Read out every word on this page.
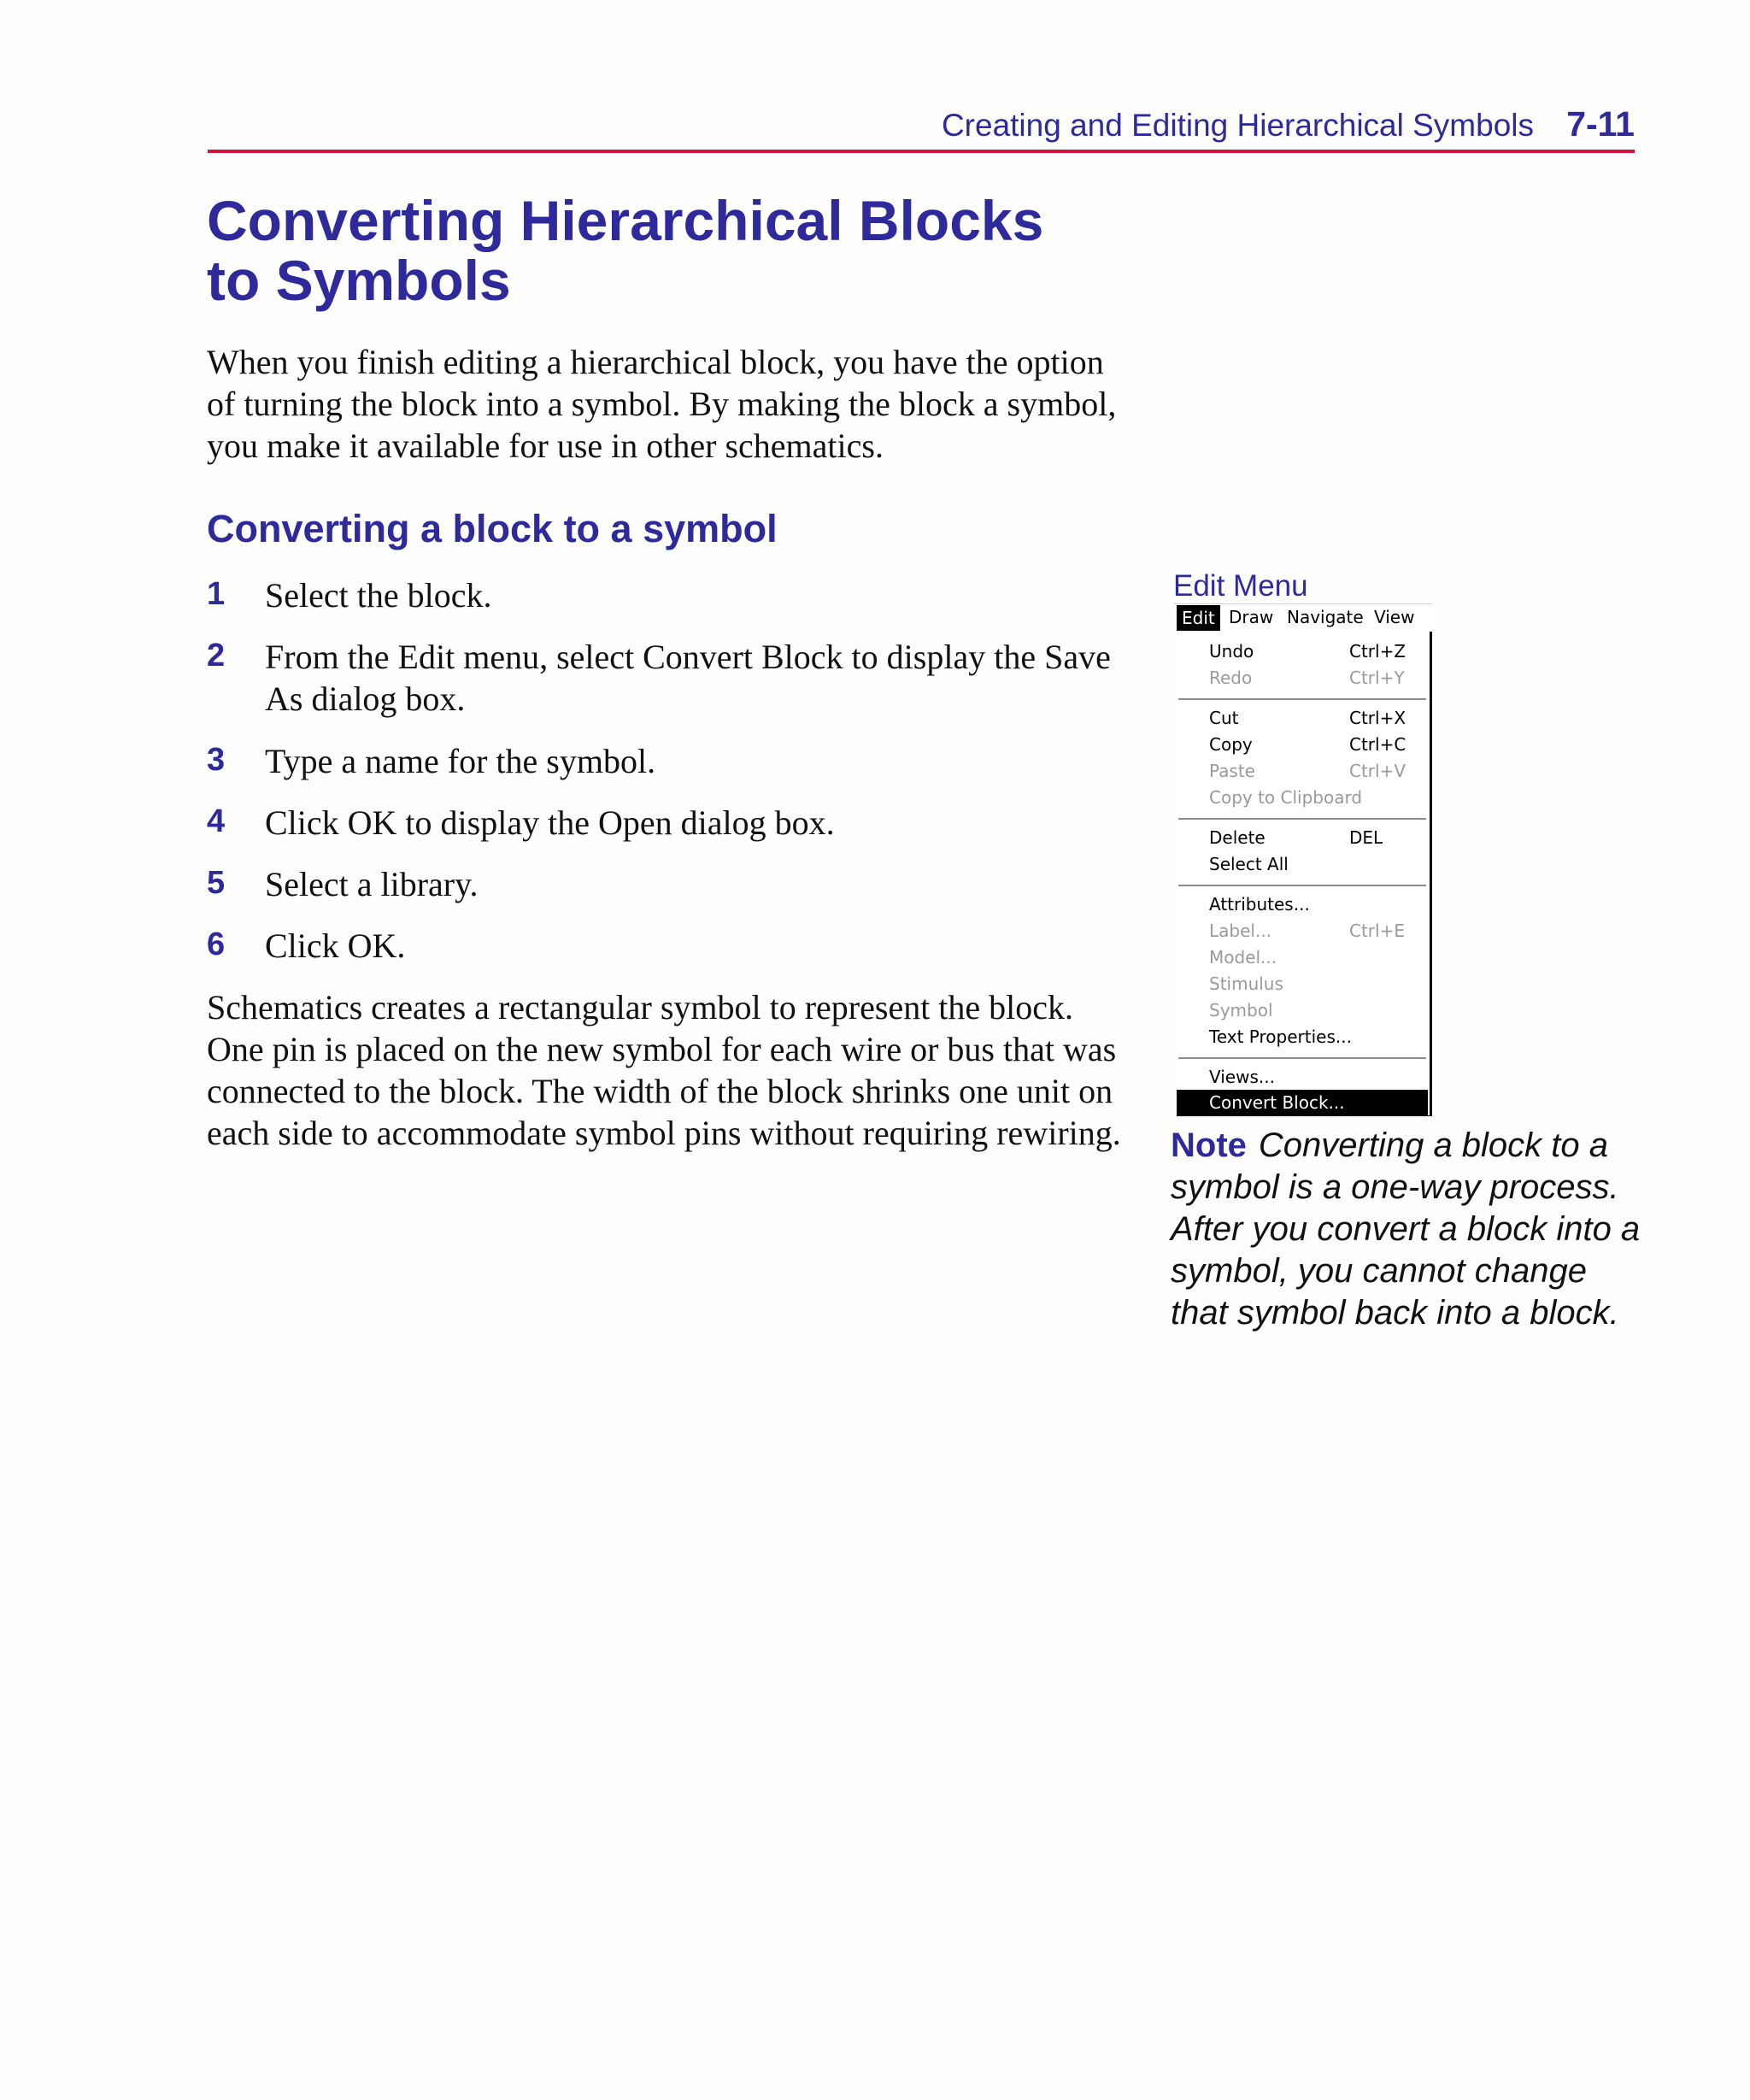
Creating and Editing Hierarchical Symbols 7-11
Converting Hierarchical Blocks
to Symbols

When you finish editing a hierarchical block, you have the option of turning the block into a symbol. By making the block a symbol, you make it available for use in other schematics.

Converting a block to a symbol
1 Select the block.
2 From the Edit menu, select Convert Block to display the Save As dialog box.
3 Type a name for the symbol.
4 Click OK to display the Open dialog box.
5 Select a library.
6 Click OK.

Schematics creates a rectangular symbol to represent the block. One pin is placed on the new symbol for each wire or bus that was connected to the block. The width of the block shrinks one unit on each side to accommodate symbol pins without requiring rewiring.

Edit Menu
Edit Draw Navigate View
Undo	Ctrl+Z
Redo	Ctrl+Y
Cut	Ctrl+X
Copy	Ctrl+C
Paste	Ctrl+V
Copy to Clipboard
Delete	DEL
Select All
Attributes...
Label...	Ctrl+E
Model...
Stimulus
Symbol
Text Properties...
Views...
Convert Block...

Note Converting a block to a symbol is a one-way process. After you convert a block into a symbol, you cannot change that symbol back into a block.
